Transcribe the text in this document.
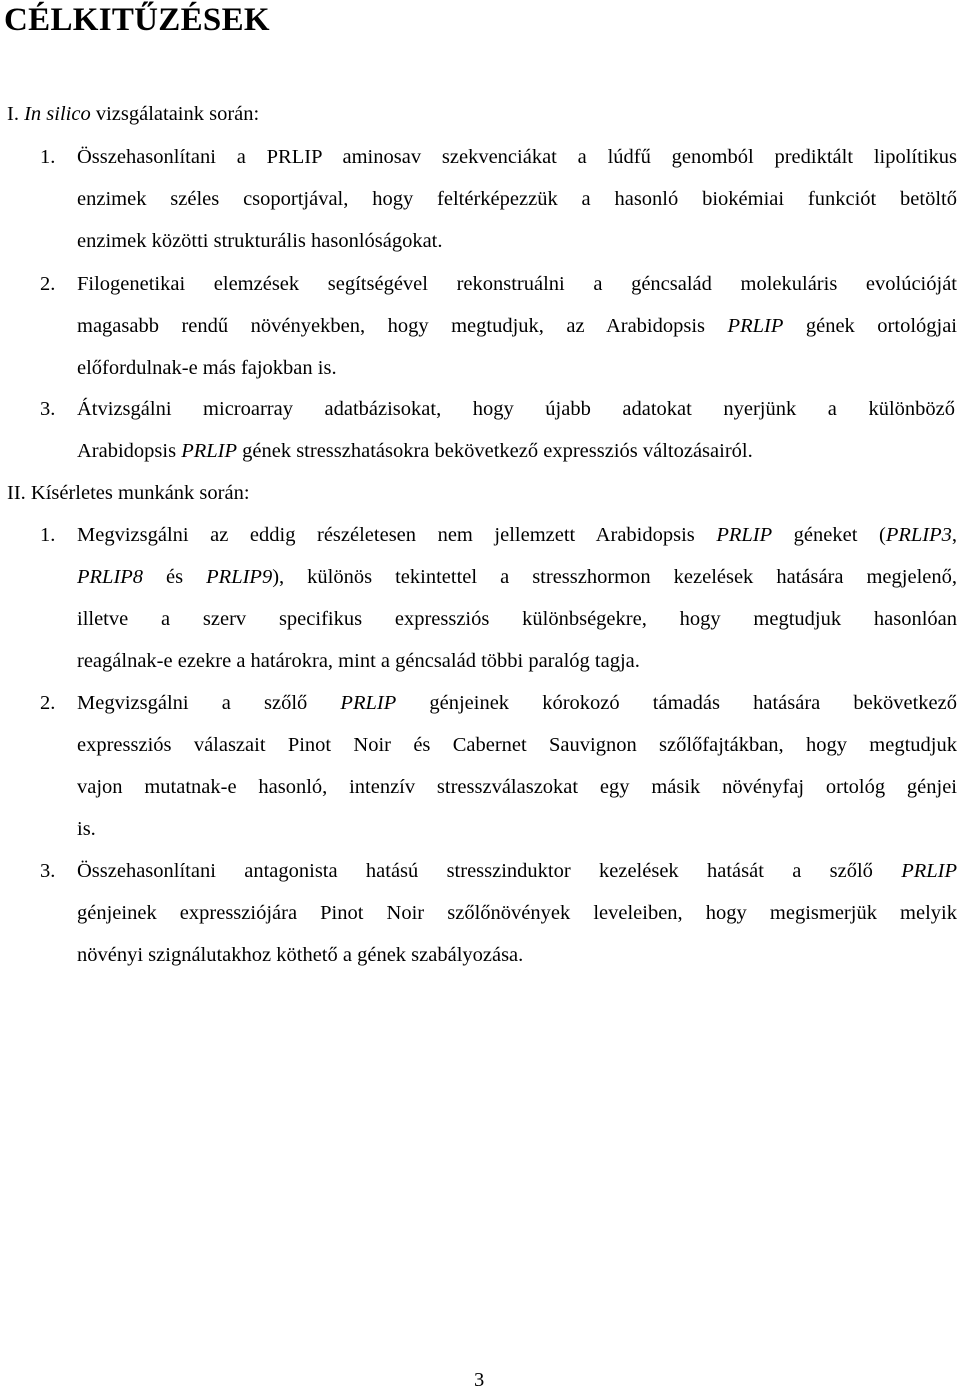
CÉLKITŰZÉSEK
I. In silico vizsgálataink során:
1. Összehasonlítani a PRLIP aminosav szekvenciákat a lúdfű genomból prediktált lipolítikus
enzimek széles csoportjával, hogy feltérképezzük a hasonló biokémiai funkciót betöltő
enzimek közötti strukturális hasonlóságokat.
2. Filogenetikai elemzések segítségével rekonstruálni a géncsalád molekuláris evolúcióját
magasabb rendű növényekben, hogy megtudjuk, az Arabidopsis PRLIP gének ortológjai
előfordulnak-e más fajokban is.
3. Átvizsgálni microarray adatbázisokat, hogy újabb adatokat nyerjünk a különböző
Arabidopsis PRLIP gének stresszhatásokra bekövetkező expressziós változásairól.
II. Kísérletes munkánk során:
1. Megvizsgálni az eddig részéletesen nem jellemzett Arabidopsis PRLIP géneket (PRLIP3,
PRLIP8 és PRLIP9), különös tekintettel a stresszhormon kezelések hatására megjelenő,
illetve a szerv specifikus expressziós különbségekre, hogy megtudjuk hasonlóan
reagálnak-e ezekre a határokra, mint a géncsalád többi paralóg tagja.
2. Megvizsgálni a szőlő PRLIP génjeinek kórokozó támadás hatására bekövetkező
expressziós válaszait Pinot Noir és Cabernet Sauvignon szőlőfajtákban, hogy megtudjuk
vajon mutatnak-e hasonló, intenzív stresszválaszokat egy másik növényfaj ortológ génjei
is.
3. Összehasonlítani antagonista hatású stresszinduktor kezelések hatását a szőlő PRLIP
génjeinek expressziójára Pinot Noir szőlőnövények leveleiben, hogy megismerjük melyik
növényi szignálutakhoz köthető a gének szabályozása.
3
